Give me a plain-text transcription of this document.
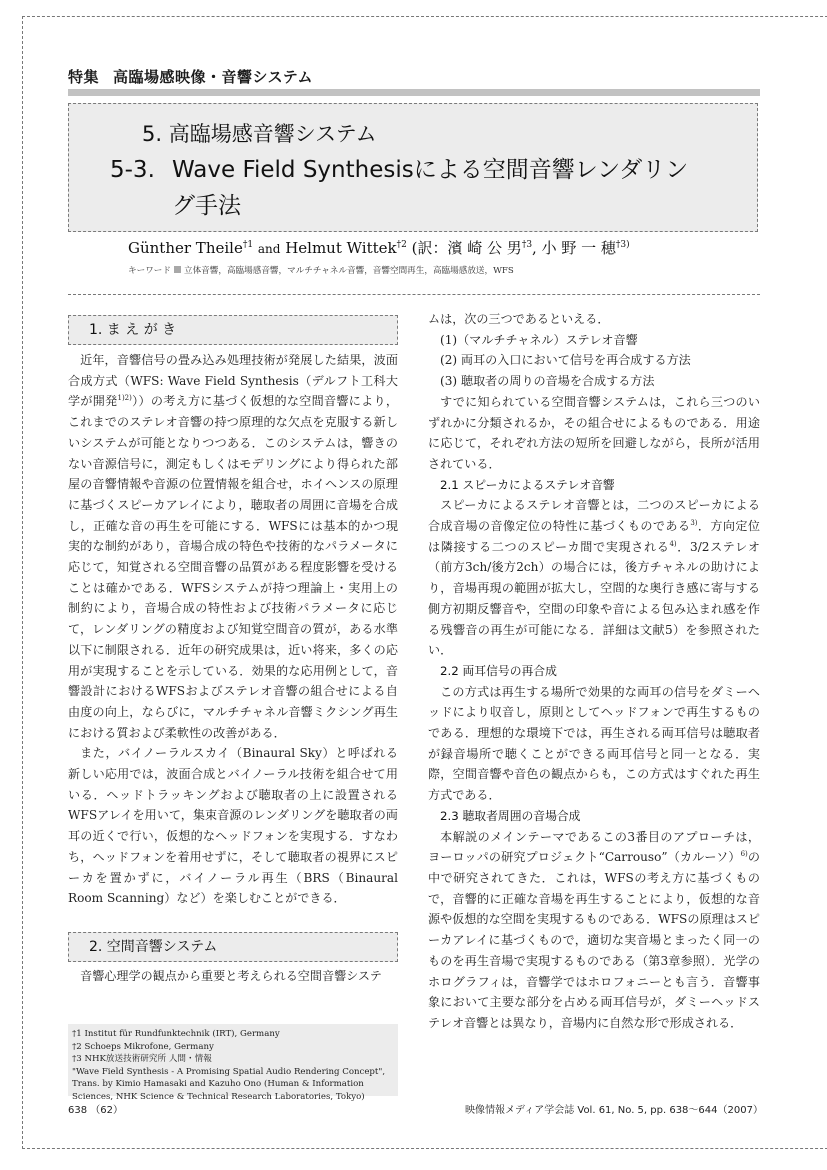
特集 高臨場感映像・音響システム
5. 高臨場感音響システム
5-3. Wave Field Synthesisによる空間音響レンダリン
グ手法
Günther Theile$^{\dagger 1}$ and Helmut Wittek$^{\dagger 2}$ (訳：濱 崎 公 男$^{\dagger 3}$, 小 野 一 穂$^{\dagger 3)}$
キーワード 立体音響，高臨場感音響，マルチチャネル音響，音響空間再生，高臨場感放送，WFS
1. ま え が き

近年，音響信号の畳み込み処理技術が発展した結果，波面合成方式（WFS: Wave Field Synthesis（デルフト工科大学が開発$^{1)2)}$））の考え方に基づく仮想的な空間音響により，これまでのステレオ音響の持つ原理的な欠点を克服する新しいシステムが可能となりつつある．このシステムは，響きのない音源信号に，測定もしくはモデリングにより得られた部屋の音響情報や音源の位置情報を組合せ，ホイヘンスの原理に基づくスピーカアレイにより，聴取者の周囲に音場を合成し，正確な音の再生を可能にする．WFSには基本的かつ現実的な制約があり，音場合成の特色や技術的なパラメータに応じて，知覚される空間音響の品質がある程度影響を受けることは確かである．WFSシステムが持つ理論上・実用上の制約により，音場合成の特性および技術パラメータに応じて，レンダリングの精度および知覚空間音の質が，ある水準以下に制限される．近年の研究成果は，近い将来，多くの応用が実現することを示している．効果的な応用例として，音響設計におけるWFSおよびステレオ音響の組合せによる自由度の向上，ならびに，マルチチャネル音響ミクシング再生における質および柔軟性の改善がある．

また，バイノーラルスカイ（Binaural Sky）と呼ばれる新しい応用では，波面合成とバイノーラル技術を組合せて用いる．ヘッドトラッキングおよび聴取者の上に設置されるWFSアレイを用いて，集束音源のレンダリングを聴取者の両耳の近くで行い，仮想的なヘッドフォンを実現する．すなわち，ヘッドフォンを着用せずに，そして聴取者の視界にスピーカを置かずに，バイノーラル再生（BRS（Binaural Room Scanning）など）を楽しむことができる．

2. 空間音響システム

音響心理学の観点から重要と考えられる空間音響システ

†1 Institut für Rundfunktechnik (IRT), Germany
†2 Schoeps Mikrofone, Germany
†3 NHK放送技術研究所 人間・情報
"Wave Field Synthesis - A Promising Spatial Audio Rendering Concept", Trans. by Kimio Hamasaki and Kazuho Ono (Human & Information Sciences, NHK Science & Technical Research Laboratories, Tokyo)

ムは，次の三つであるといえる．

(1)（マルチチャネル）ステレオ音響

(2) 両耳の入口において信号を再合成する方法

(3) 聴取者の周りの音場を合成する方法

すでに知られている空間音響システムは，これら三つのいずれかに分類されるか，その組合せによるものである．用途に応じて，それぞれ方法の短所を回避しながら，長所が活用されている．

2.1 スピーカによるステレオ音響

スピーカによるステレオ音響とは，二つのスピーカによる合成音場の音像定位の特性に基づくものである$^{3)}$．方向定位は隣接する二つのスピーカ間で実現される$^{4)}$．3/2ステレオ（前方3ch/後方2ch）の場合には，後方チャネルの助けにより，音場再現の範囲が拡大し，空間的な奥行き感に寄与する側方初期反響音や，空間の印象や音による包み込まれ感を作る残響音の再生が可能になる．詳細は文献5）を参照されたい．

2.2 両耳信号の再合成

この方式は再生する場所で効果的な両耳の信号をダミーヘッドにより収音し，原則としてヘッドフォンで再生するものである．理想的な環境下では，再生される両耳信号は聴取者が録音場所で聴くことができる両耳信号と同一となる．実際，空間音響や音色の観点からも，この方式はすぐれた再生方式である．

2.3 聴取者周囲の音場合成

本解説のメインテーマであるこの3番目のアプローチは，ヨーロッパの研究プロジェクト“Carrouso”（カルーソ）$^{6)}$の中で研究されてきた．これは，WFSの考え方に基づくもので，音響的に正確な音場を再生することにより，仮想的な音源や仮想的な空間を実現するものである．WFSの原理はスピーカアレイに基づくもので，適切な実音場とまったく同一のものを再生音場で実現するものである（第3章参照）．光学のホログラフィは，音響学ではホロフォニーとも言う．音響事象において主要な部分を占める両耳信号が，ダミーヘッドステレオ音響とは異なり，音場内に自然な形で形成される．

638 （62）	映像情報メディア学会誌 Vol. 61, No. 5, pp. 638〜644（2007）
